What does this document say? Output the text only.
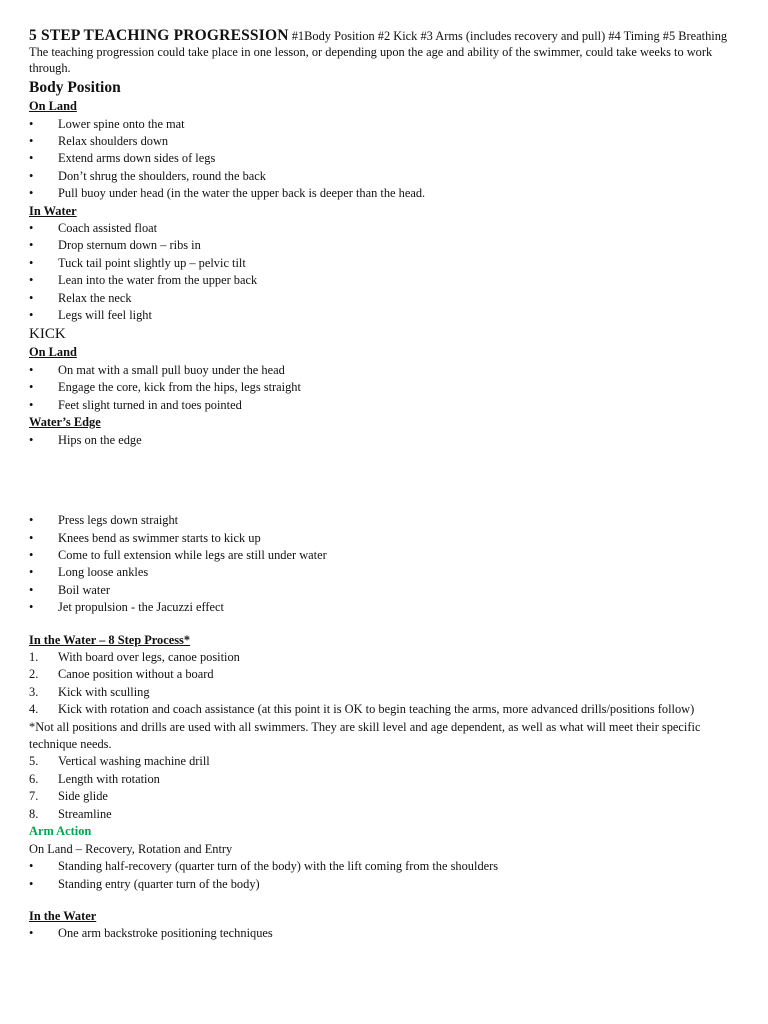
5 STEP TEACHING PROGRESSION #1Body Position #2 Kick #3 Arms (includes recovery and pull) #4 Timing #5 Breathing

The teaching progression could take place in one lesson, or depending upon the age and ability of the swimmer, could take weeks to work through.

Body Position

On Land

•	Lower spine onto the mat
•	Relax shoulders down
•	Extend arms down sides of legs
•	Don’t shrug the shoulders, round the back
•	Pull buoy under head (in the water the upper back is deeper than the head.

In Water

•	Coach assisted float
•	Drop sternum down – ribs in
•	Tuck tail point slightly up – pelvic tilt
•	Lean into the water from the upper back
•	Relax the neck
•	Legs will feel light

KICK

On Land

•	On mat with a small pull buoy under the head
•	Engage the core, kick from the hips, legs straight
•	Feet slight turned in and toes pointed

Water’s Edge

•	Hips on the edge
•	Press legs down straight
•	Knees bend as swimmer starts to kick up
•	Come to full extension while legs are still under water
•	Long loose ankles
•	Boil water
•	Jet propulsion - the Jacuzzi effect

In the Water – 8 Step Process*

1.	With board over legs, canoe position
2.	Canoe position without a board
3.	Kick with sculling
4.	Kick with rotation and coach assistance (at this point it is OK to begin teaching the arms, more advanced drills/positions follow)

*Not all positions and drills are used with all swimmers. They are skill level and age dependent, as well as what will meet their specific technique needs.

5.	Vertical washing machine drill
6.	Length with rotation
7.	Side glide
8.	Streamline

Arm Action

On Land – Recovery, Rotation and Entry

•	Standing half-recovery (quarter turn of the body) with the lift coming from the shoulders
•	Standing entry (quarter turn of the body)

In the Water

•	One arm backstroke positioning techniques
